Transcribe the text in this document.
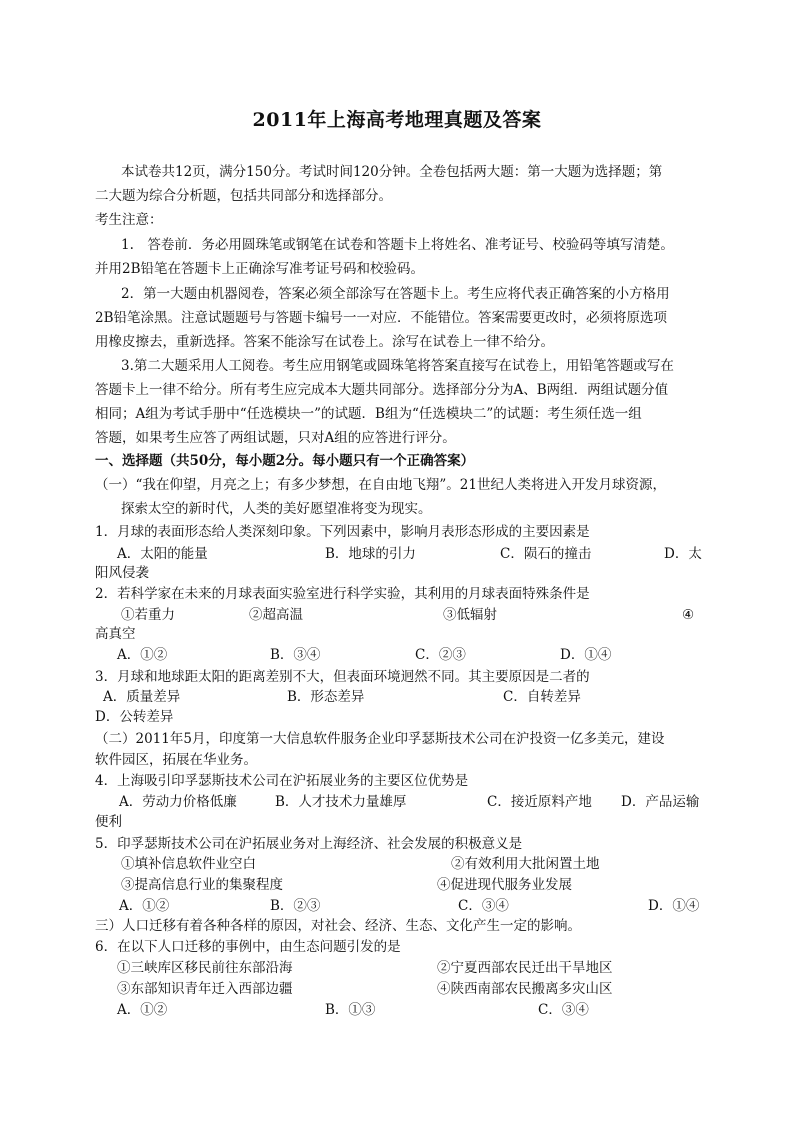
2011年上海高考地理真题及答案
本试卷共12页，满分150分。考试时间120分钟。全卷包括两大题：第一大题为选择题；第
二大题为综合分析题，包括共同部分和选择部分。
考生注意：
1.　答卷前．务必用圆珠笔或钢笔在试卷和答题卡上将姓名、准考证号、校验码等填写清楚。
并用2B铅笔在答题卡上正确涂写准考证号码和校验码。
2．第一大题由机器阅卷，答案必须全部涂写在答题卡上。考生应将代表正确答案的小方格用
2B铅笔涂黑。注意试题题号与答题卡编号一一对应．不能错位。答案需要更改时，必须将原选项
用橡皮擦去，重新选择。答案不能涂写在试卷上。涂写在试卷上一律不给分。
3.第二大题采用人工阅卷。考生应用钢笔或圆珠笔将答案直接写在试卷上，用铅笔答题或写在
答题卡上一律不给分。所有考生应完成本大题共同部分。选择部分分为A、B两组．两组试题分值
相同；A组为考试手册中“任选模块一”的试题．B组为“任选模块二”的试题：考生须任选一组
答题，如果考生应答了两组试题，只对A组的应答进行评分。
一、选择题（共50分，每小题2分。每小题只有一个正确答案）
（一）“我在仰望，月亮之上；有多少梦想，在自由地飞翔”。21世纪人类将进入开发月球资源，
探索太空的新时代，人类的美好愿望准将变为现实。
1．月球的表面形态给人类深刻印象。下列因素中，影响月表形态形成的主要因素是
A．太阳的能量	B．地球的引力	C．陨石的撞击	D．太
阳风侵袭
2．若科学家在未来的月球表面实验室进行科学实验，其利用的月球表面特殊条件是
①若重力	②超高温	③低辐射	④
高真空
A．①②	B．③④	C．②③	D．①④
3．月球和地球距太阳的距离差别不大，但表面环境迥然不同。其主要原因是二者的
A．质量差异	B．形态差异	C．自转差异
D．公转差异
（二）2011年5月，印度第一大信息软件服务企业印孚瑟斯技术公司在沪投资一亿多美元，建设
软件园区，拓展在华业务。
4．上海吸引印孚瑟斯技术公司在沪拓展业务的主要区位优势是
A．劳动力价格低廉	B．人才技术力量雄厚	C．接近原料产地 D．产品运输
便利
5．印孚瑟斯技术公司在沪拓展业务对上海经济、社会发展的积极意义是
①填补信息软件业空白	②有效利用大批闲置土地
③提高信息行业的集聚程度	④促进现代服务业发展
A．①②	B．②③	C．③④	D．①④
三）人口迁移有着各种各样的原因，对社会、经济、生态、文化产生一定的影响。
6．在以下人口迁移的事例中，由生态问题引发的是
①三峡库区移民前往东部沿海	②宁夏西部农民迁出干旱地区
③东部知识青年迁入西部边疆	④陕西南部农民搬离多灾山区
A．①②	B．①③	C．③④
